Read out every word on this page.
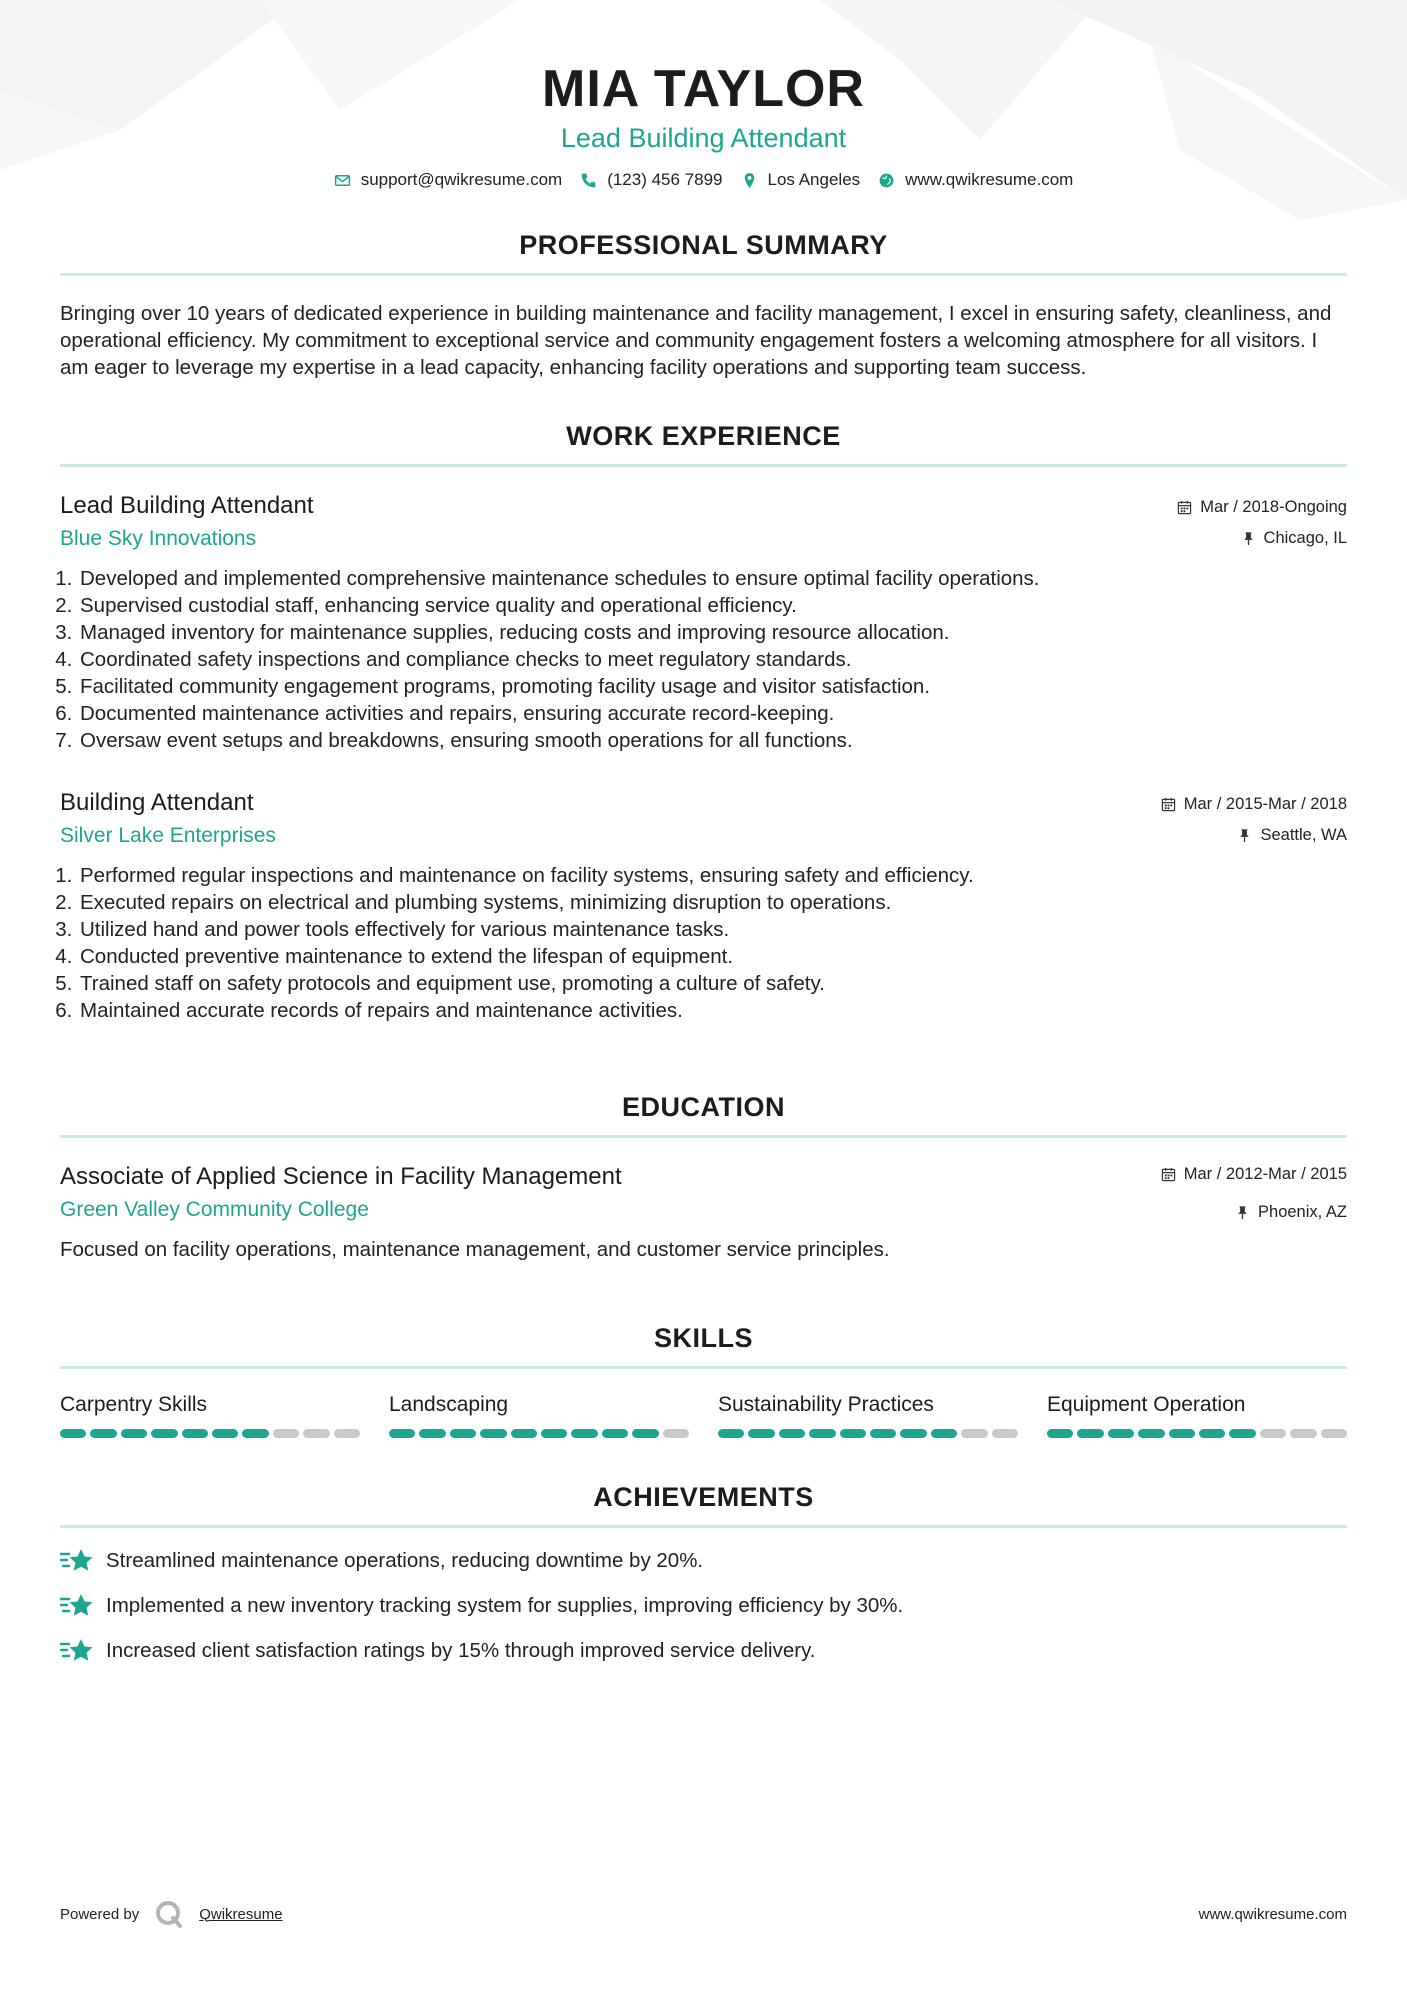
MIA TAYLOR
Lead Building Attendant
support@qwikresume.com	(123) 456 7899	Los Angeles	www.qwikresume.com
PROFESSIONAL SUMMARY
Bringing over 10 years of dedicated experience in building maintenance and facility management, I excel in ensuring safety, cleanliness, and operational efficiency. My commitment to exceptional service and community engagement fosters a welcoming atmosphere for all visitors. I am eager to leverage my expertise in a lead capacity, enhancing facility operations and supporting team success.
WORK EXPERIENCE
Lead Building Attendant
Blue Sky Innovations
Mar / 2018-Ongoing
Chicago, IL
1. Developed and implemented comprehensive maintenance schedules to ensure optimal facility operations.
2. Supervised custodial staff, enhancing service quality and operational efficiency.
3. Managed inventory for maintenance supplies, reducing costs and improving resource allocation.
4. Coordinated safety inspections and compliance checks to meet regulatory standards.
5. Facilitated community engagement programs, promoting facility usage and visitor satisfaction.
6. Documented maintenance activities and repairs, ensuring accurate record-keeping.
7. Oversaw event setups and breakdowns, ensuring smooth operations for all functions.
Building Attendant
Silver Lake Enterprises
Mar / 2015-Mar / 2018
Seattle, WA
1. Performed regular inspections and maintenance on facility systems, ensuring safety and efficiency.
2. Executed repairs on electrical and plumbing systems, minimizing disruption to operations.
3. Utilized hand and power tools effectively for various maintenance tasks.
4. Conducted preventive maintenance to extend the lifespan of equipment.
5. Trained staff on safety protocols and equipment use, promoting a culture of safety.
6. Maintained accurate records of repairs and maintenance activities.
EDUCATION
Associate of Applied Science in Facility Management
Green Valley Community College
Mar / 2012-Mar / 2015
Phoenix, AZ
Focused on facility operations, maintenance management, and customer service principles.
SKILLS
Carpentry Skills	Landscaping	Sustainability Practices	Equipment Operation
ACHIEVEMENTS
Streamlined maintenance operations, reducing downtime by 20%.
Implemented a new inventory tracking system for supplies, improving efficiency by 30%.
Increased client satisfaction ratings by 15% through improved service delivery.
Powered by	Qwikresume	www.qwikresume.com
